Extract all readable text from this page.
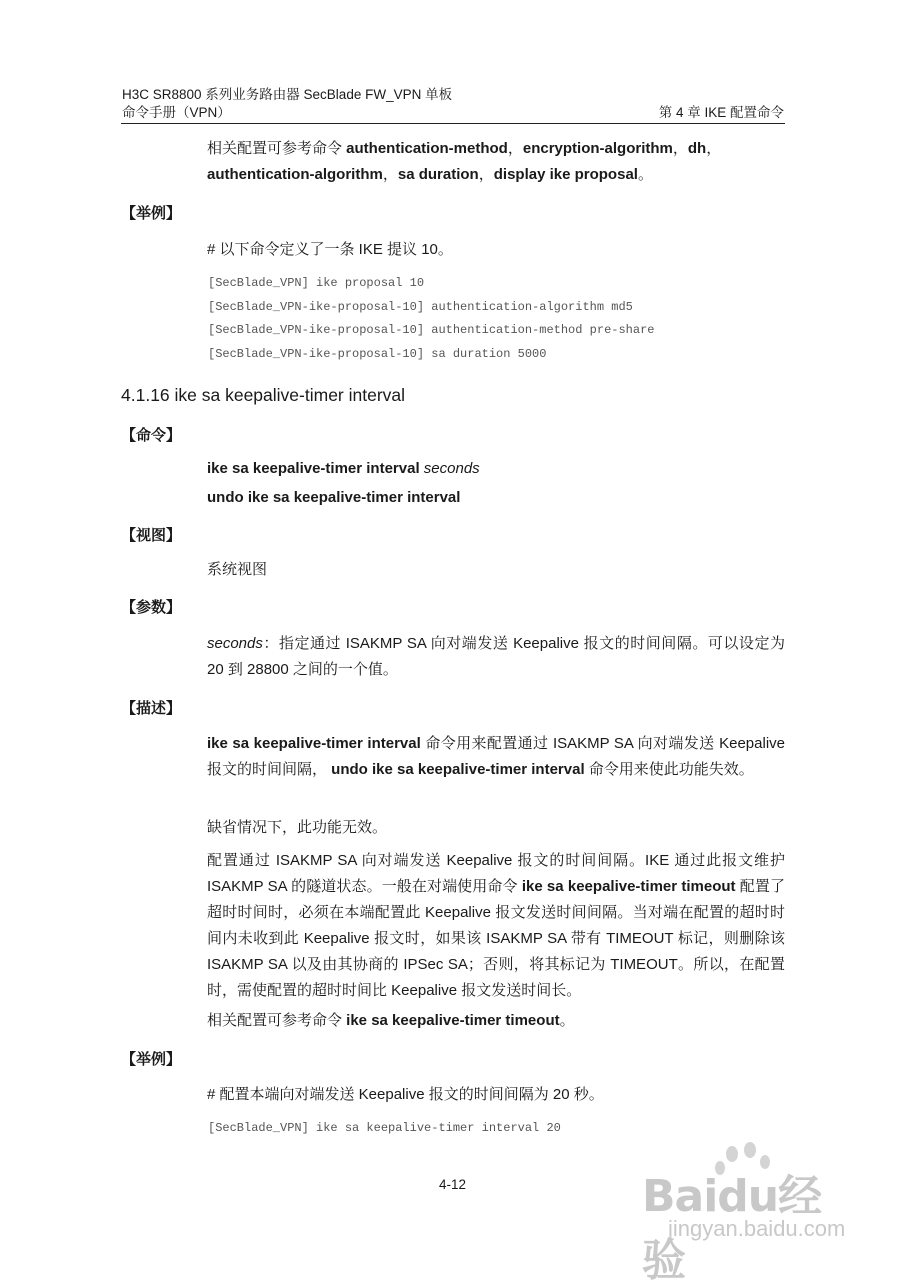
H3C SR8800 系列业务路由器 SecBlade FW_VPN 单板
命令手册（VPN）	第 4 章 IKE 配置命令
相关配置可参考命令 authentication-method，encryption-algorithm，dh，
authentication-algorithm，sa duration，display ike proposal。
【举例】
# 以下命令定义了一条 IKE 提议 10。
[SecBlade_VPN] ike proposal 10
[SecBlade_VPN-ike-proposal-10] authentication-algorithm md5
[SecBlade_VPN-ike-proposal-10] authentication-method pre-share
[SecBlade_VPN-ike-proposal-10] sa duration 5000
4.1.16 ike sa keepalive-timer interval
【命令】
ike sa keepalive-timer interval seconds
undo ike sa keepalive-timer interval
【视图】
系统视图
【参数】
seconds：指定通过 ISAKMP SA 向对端发送 Keepalive 报文的时间间隔。可以设定为 20 到 28800 之间的一个值。
【描述】
ike sa keepalive-timer interval 命令用来配置通过 ISAKMP SA 向对端发送 Keepalive 报文的时间间隔， undo ike sa keepalive-timer interval 命令用来使此功能失效。
缺省情况下，此功能无效。
配置通过 ISAKMP SA 向对端发送 Keepalive 报文的时间间隔。IKE 通过此报文维护 ISAKMP SA 的隧道状态。一般在对端使用命令 ike sa keepalive-timer timeout 配置了超时时间时，必须在本端配置此 Keepalive 报文发送时间间隔。当对端在配置的超时时间内未收到此 Keepalive 报文时，如果该 ISAKMP SA 带有 TIMEOUT 标记，则删除该 ISAKMP SA 以及由其协商的 IPSec SA；否则，将其标记为 TIMEOUT。所以，在配置时，需使配置的超时时间比 Keepalive 报文发送时间长。
相关配置可参考命令 ike sa keepalive-timer timeout。
【举例】
# 配置本端向对端发送 Keepalive 报文的时间间隔为 20 秒。
[SecBlade_VPN] ike sa keepalive-timer interval 20
4-12	Baidu经验
jingyan.baidu.com
